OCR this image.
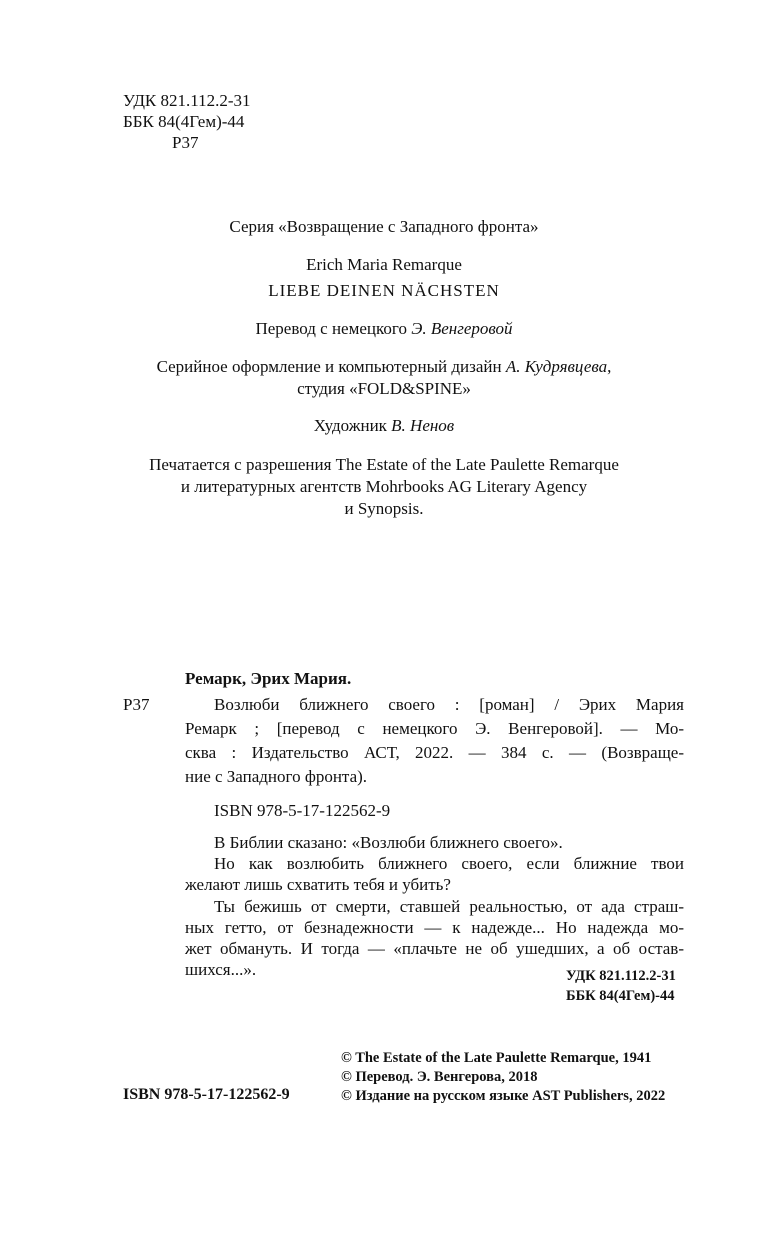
УДК 821.112.2-31
ББК 84(4Гем)-44
Р37
Серия «Возвращение с Западного фронта»
Erich Maria Remarque
LIEBE DEINEN NÄCHSTEN
Перевод с немецкого Э. Венгеровой
Серийное оформление и компьютерный дизайн А. Кудрявцева,
студия «FOLD&SPINE»
Художник В. Ненов
Печатается с разрешения The Estate of the Late Paulette Remarque
и литературных агентств Mohrbooks AG Literary Agency
и Synopsis.
Ремарк, Эрих Мария.
Р37	Возлюби ближнего своего : [роман] / Эрих Мария
Ремарк ; [перевод с немецкого Э. Венгеровой]. — Мо-
сква : Издательство АСТ, 2022. — 384 с. — (Возвраще-
ние с Западного фронта).
ISBN 978-5-17-122562-9
В Библии сказано: «Возлюби ближнего своего».
Но как возлюбить ближнего своего, если ближние твои
желают лишь схватить тебя и убить?
Ты бежишь от смерти, ставшей реальностью, от ада страш-
ных гетто, от безнадежности — к надежде... Но надежда мо-
жет обмануть. И тогда — «плачьте не об ушедших, а об остав-
шихся...».	УДК 821.112.2-31
ББК 84(4Гем)-44
© The Estate of the Late Paulette Remarque, 1941
© Перевод. Э. Венгерова, 2018
© Издание на русском языке AST Publishers, 2022
ISBN 978-5-17-122562-9
